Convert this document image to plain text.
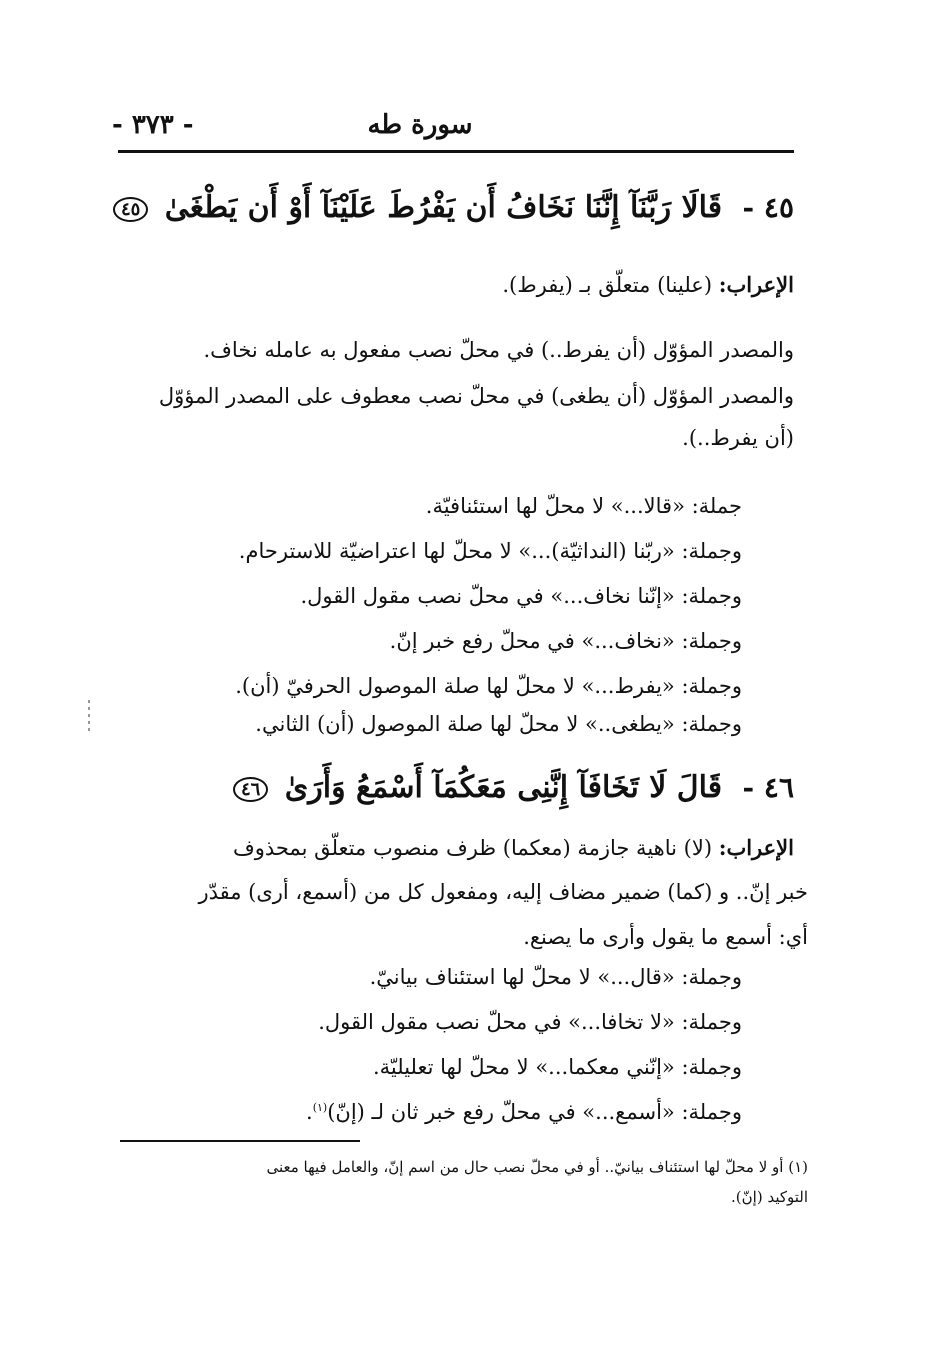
سورة طه
- ٣٧٣ -
٤٥ - قَالَا رَبَّنَآ إِنَّنَا نَخَافُ أَن يَفْرُطَ عَلَيْنَآ أَوْ أَن يَطْغَىٰ ٤٥
الإعراب: (علينا) متعلّق بـ (يفرط).
والمصدر المؤوّل (أن يفرط..) في محلّ نصب مفعول به عامله نخاف.
والمصدر المؤوّل (أن يطغى) في محلّ نصب معطوف على المصدر المؤوّل
(أن يفرط..).
جملة: «قالا...» لا محلّ لها استئنافيّة.
وجملة: «ربّنا (النداثيّة)...» لا محلّ لها اعتراضيّة للاسترحام.
وجملة: «إنّنا نخاف...» في محلّ نصب مقول القول.
وجملة: «نخاف...» في محلّ رفع خبر إنّ.
وجملة: «يفرط...» لا محلّ لها صلة الموصول الحرفيّ (أن).
وجملة: «يطغى..» لا محلّ لها صلة الموصول (أن) الثاني.
٤٦ - قَالَ لَا تَخَافَآ إِنَّنِى مَعَكُمَآ أَسْمَعُ وَأَرَىٰ ٤٦
الإعراب: (لا) ناهية جازمة (معكما) ظرف منصوب متعلّق بمحذوف
خبر إنّ.. و (كما) ضمير مضاف إليه، ومفعول كل من (أسمع، أرى) مقدّر
أي: أسمع ما يقول وأرى ما يصنع.
وجملة: «قال...» لا محلّ لها استئناف بيانيّ.
وجملة: «لا تخافا...» في محلّ نصب مقول القول.
وجملة: «إنّني معكما...» لا محلّ لها تعليليّة.
وجملة: «أسمع...» في محلّ رفع خبر ثان لـ (إنّ)$^{(١)}$.
(١) أو لا محلّ لها استئناف بيانيّ.. أو في محلّ نصب حال من اسم إنّ، والعامل فيها معنى
التوكيد (إنّ).
